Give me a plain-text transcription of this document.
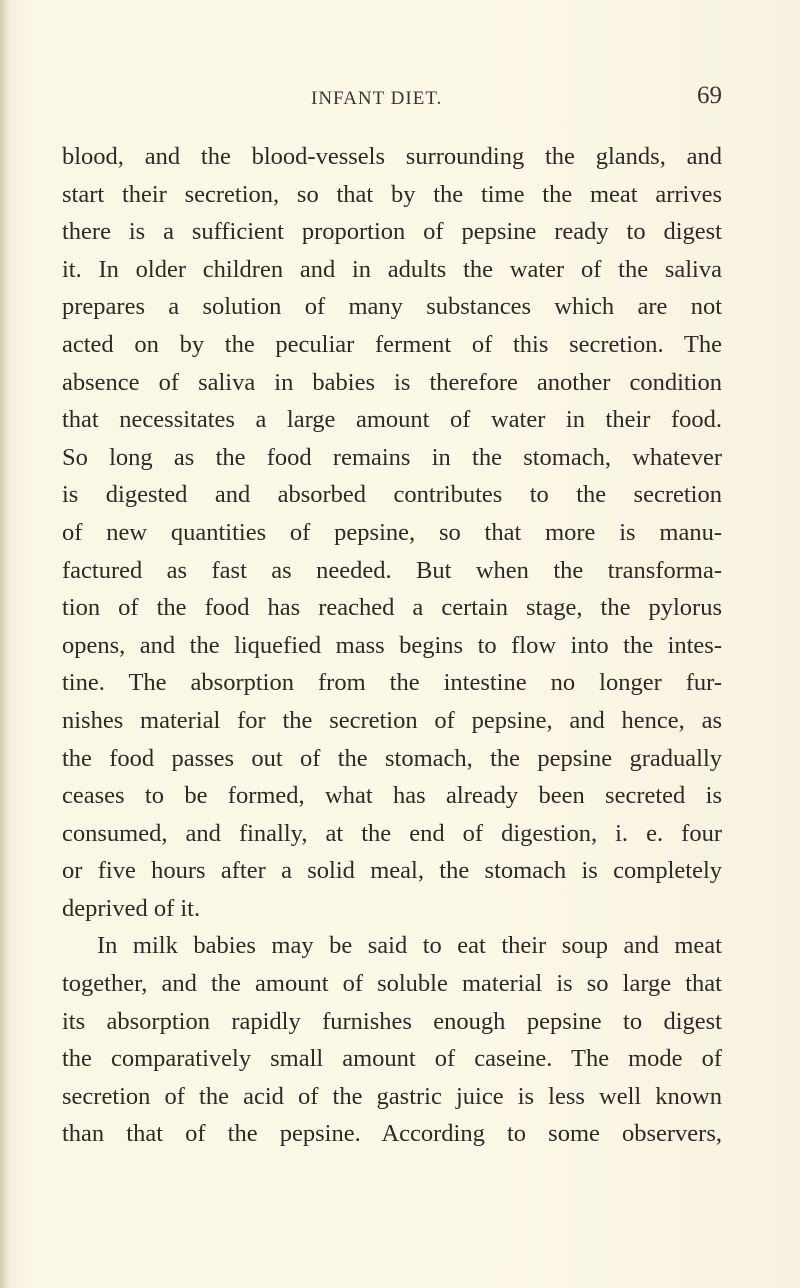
INFANT DIET.	69
blood, and the blood-vessels surrounding the glands, and
start their secretion, so that by the time the meat arrives
there is a sufficient proportion of pepsine ready to digest
it. In older children and in adults the water of the saliva
prepares a solution of many substances which are not
acted on by the peculiar ferment of this secretion. The
absence of saliva in babies is therefore another condition
that necessitates a large amount of water in their food.
So long as the food remains in the stomach, whatever
is digested and absorbed contributes to the secretion
of new quantities of pepsine, so that more is manu-
factured as fast as needed. But when the transforma-
tion of the food has reached a certain stage, the pylorus
opens, and the liquefied mass begins to flow into the intes-
tine. The absorption from the intestine no longer fur-
nishes material for the secretion of pepsine, and hence, as
the food passes out of the stomach, the pepsine gradually
ceases to be formed, what has already been secreted is
consumed, and finally, at the end of digestion, i. e. four
or five hours after a solid meal, the stomach is completely
deprived of it.
In milk babies may be said to eat their soup and meat
together, and the amount of soluble material is so large that
its absorption rapidly furnishes enough pepsine to digest
the comparatively small amount of caseine. The mode of
secretion of the acid of the gastric juice is less well known
than that of the pepsine. According to some observers,
